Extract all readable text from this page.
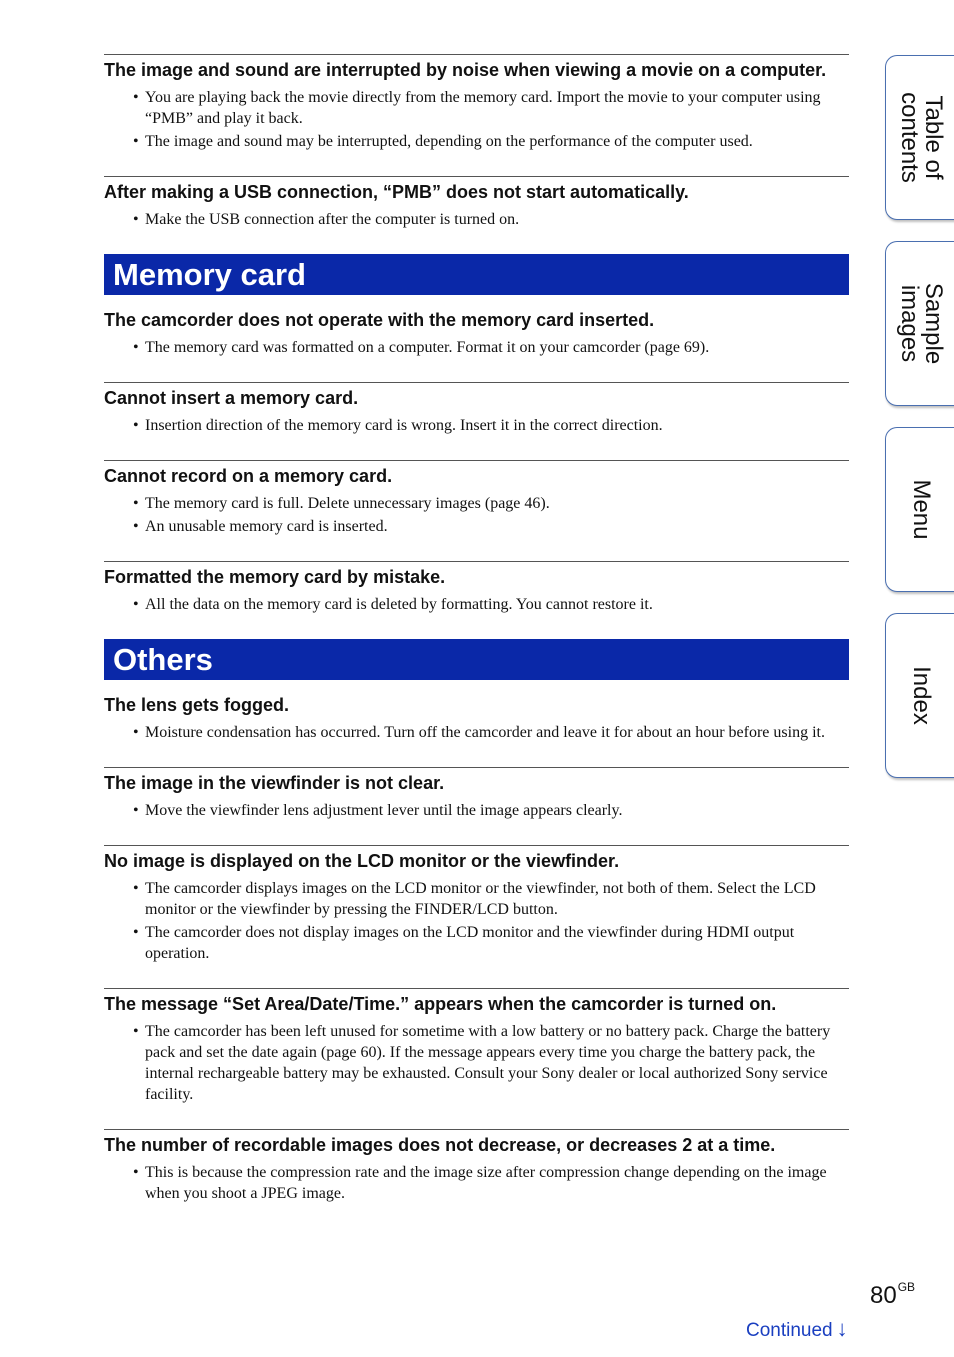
The image and sound are interrupted by noise when viewing a movie on a computer.
• You are playing back the movie directly from the memory card. Import the movie to your computer using “PMB” and play it back.
• The image and sound may be interrupted, depending on the performance of the computer used.
After making a USB connection, “PMB” does not start automatically.
• Make the USB connection after the computer is turned on.
Memory card
The camcorder does not operate with the memory card inserted.
• The memory card was formatted on a computer. Format it on your camcorder (page 69).
Cannot insert a memory card.
• Insertion direction of the memory card is wrong. Insert it in the correct direction.
Cannot record on a memory card.
• The memory card is full. Delete unnecessary images (page 46).
• An unusable memory card is inserted.
Formatted the memory card by mistake.
• All the data on the memory card is deleted by formatting. You cannot restore it.
Others
The lens gets fogged.
• Moisture condensation has occurred. Turn off the camcorder and leave it for about an hour before using it.
The image in the viewfinder is not clear.
• Move the viewfinder lens adjustment lever until the image appears clearly.
No image is displayed on the LCD monitor or the viewfinder.
• The camcorder displays images on the LCD monitor or the viewfinder, not both of them. Select the LCD monitor or the viewfinder by pressing the FINDER/LCD button.
• The camcorder does not display images on the LCD monitor and the viewfinder during HDMI output operation.
The message “Set Area/Date/Time.” appears when the camcorder is turned on.
• The camcorder has been left unused for sometime with a low battery or no battery pack. Charge the battery pack and set the date again (page 60). If the message appears every time you charge the battery pack, the internal rechargeable battery may be exhausted. Consult your Sony dealer or local authorized Sony service facility.
The number of recordable images does not decrease, or decreases 2 at a time.
• This is because the compression rate and the image size after compression change depending on the image when you shoot a JPEG image.
Table of contents
Sample images
Menu
Index
$80^{GB}$
Continued ↓
